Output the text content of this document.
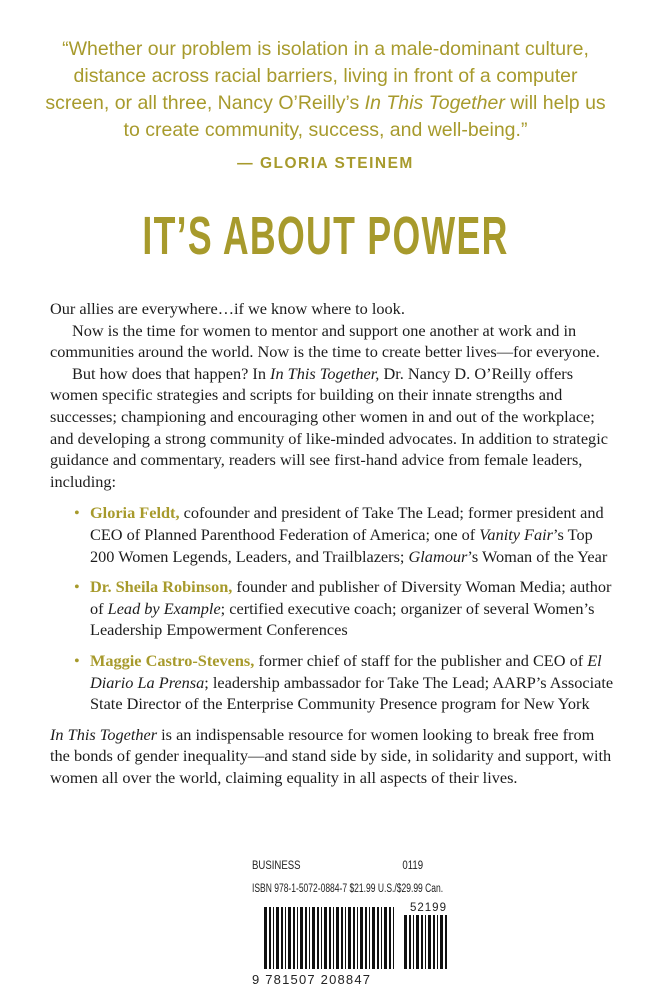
“Whether our problem is isolation in a male-dominant culture, distance across racial barriers, living in front of a computer screen, or all three, Nancy O’Reilly’s In This Together will help us to create community, success, and well-being.”

— GLORIA STEINEM

IT’S ABOUT POWER

Our allies are everywhere…if we know where to look.

Now is the time for women to mentor and support one another at work and in communities around the world. Now is the time to create better lives—for everyone.

But how does that happen? In In This Together, Dr. Nancy D. O’Reilly offers women specific strategies and scripts for building on their innate strengths and successes; championing and encouraging other women in and out of the workplace; and developing a strong community of like-minded advocates. In addition to strategic guidance and commentary, readers will see first-hand advice from female leaders, including:

• Gloria Feldt, cofounder and president of Take The Lead; former president and CEO of Planned Parenthood Federation of America; one of Vanity Fair’s Top 200 Women Legends, Leaders, and Trailblazers; Glamour’s Woman of the Year
• Dr. Sheila Robinson, founder and publisher of Diversity Woman Media; author of Lead by Example; certified executive coach; organizer of several Women’s Leadership Empowerment Conferences
• Maggie Castro-Stevens, former chief of staff for the publisher and CEO of El Diario La Prensa; leadership ambassador for Take The Lead; AARP’s Associate State Director of the Enterprise Community Presence program for New York

In This Together is an indispensable resource for women looking to break free from the bonds of gender inequality—and stand side by side, in solidarity and support, with women all over the world, claiming equality in all aspects of their lives.

BUSINESS	0119
ISBN 978-1-5072-0884-7 $21.99 U.S./$29.99 Can.
52199
9 781507 208847
